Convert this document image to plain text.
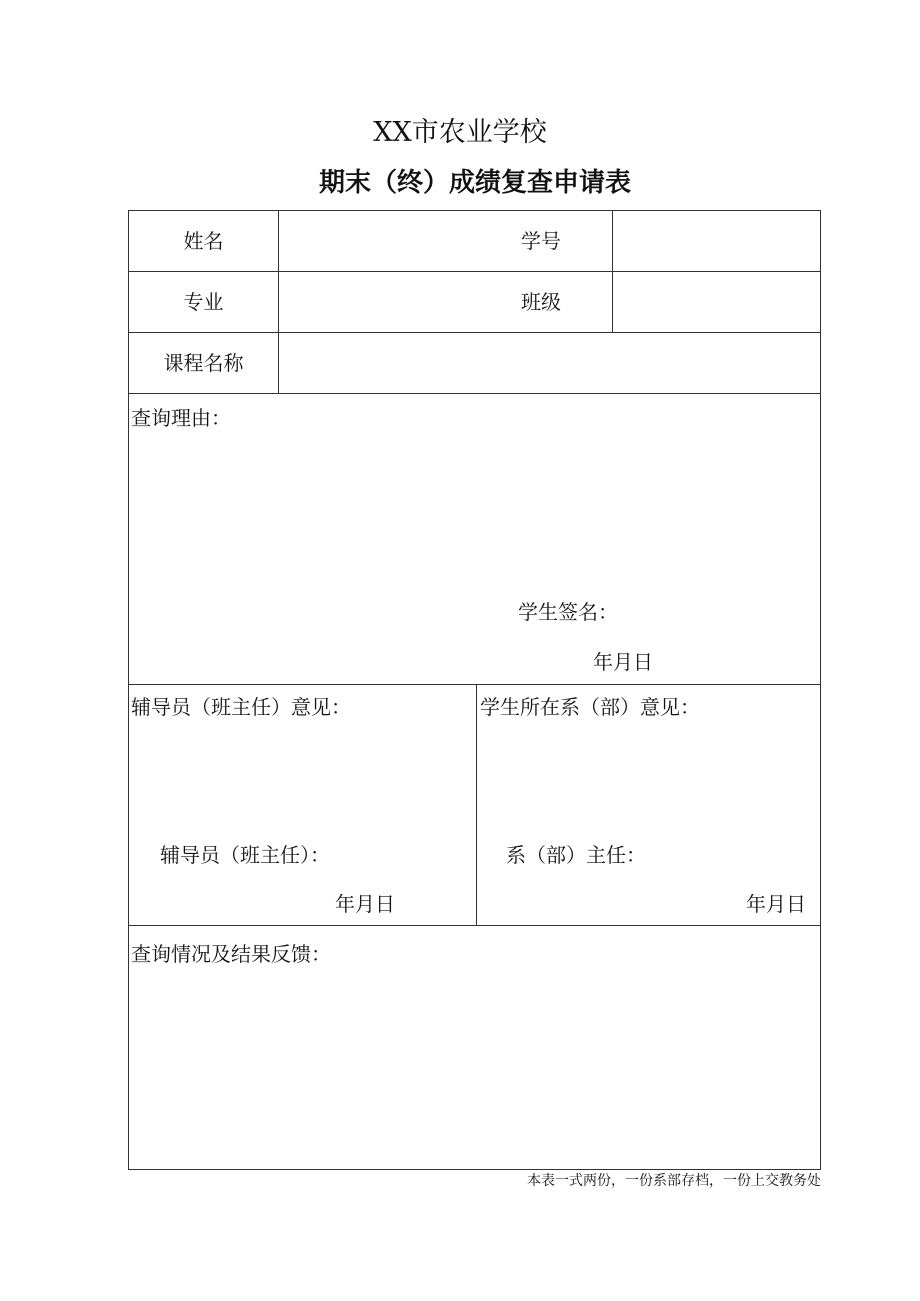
XX市农业学校
期末（终）成绩复查申请表
姓名	学号
专业	班级
课程名称
查询理由：
学生签名：
年月日
辅导员（班主任）意见：
辅导员（班主任）：
年月日
学生所在系（部）意见：
系（部）主任：
年月日
查询情况及结果反馈：
本表一式两份，一份系部存档，一份上交教务处
